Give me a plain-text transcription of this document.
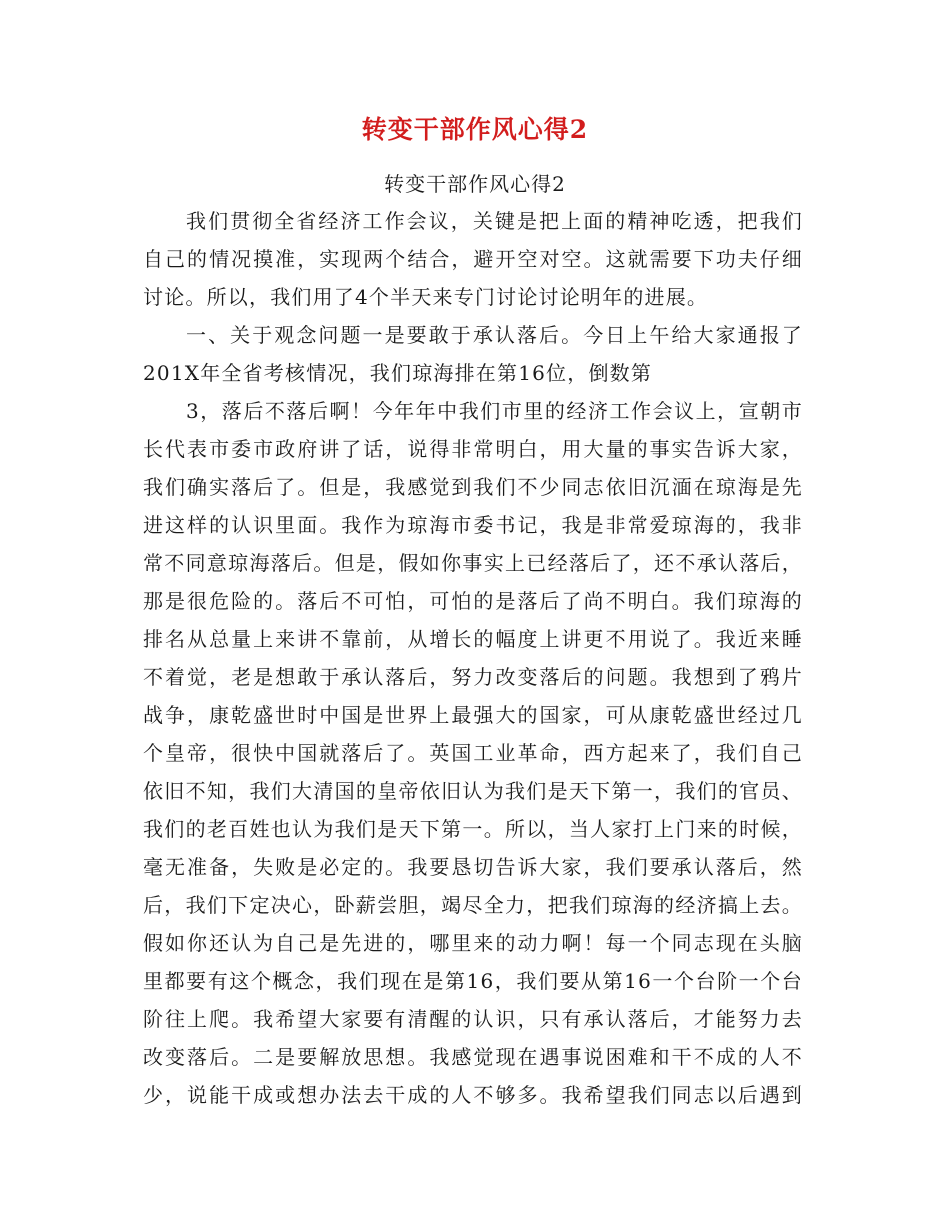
转变干部作风心得2
转变干部作风心得2
我们贯彻全省经济工作会议，关键是把上面的精神吃透，把我们
自己的情况摸准，实现两个结合，避开空对空。这就需要下功夫仔细
讨论。所以，我们用了4个半天来专门讨论讨论明年的进展。
一、关于观念问题一是要敢于承认落后。今日上午给大家通报了
201X年全省考核情况，我们琼海排在第16位，倒数第
3，落后不落后啊！今年年中我们市里的经济工作会议上，宣朝市
长代表市委市政府讲了话，说得非常明白，用大量的事实告诉大家，
我们确实落后了。但是，我感觉到我们不少同志依旧沉湎在琼海是先
进这样的认识里面。我作为琼海市委书记，我是非常爱琼海的，我非
常不同意琼海落后。但是，假如你事实上已经落后了，还不承认落后，
那是很危险的。落后不可怕，可怕的是落后了尚不明白。我们琼海的
排名从总量上来讲不靠前，从增长的幅度上讲更不用说了。我近来睡
不着觉，老是想敢于承认落后，努力改变落后的问题。我想到了鸦片
战争，康乾盛世时中国是世界上最强大的国家，可从康乾盛世经过几
个皇帝，很快中国就落后了。英国工业革命，西方起来了，我们自己
依旧不知，我们大清国的皇帝依旧认为我们是天下第一，我们的官员、
我们的老百姓也认为我们是天下第一。所以，当人家打上门来的时候，
毫无准备，失败是必定的。我要恳切告诉大家，我们要承认落后，然
后，我们下定决心，卧薪尝胆，竭尽全力，把我们琼海的经济搞上去。
假如你还认为自己是先进的，哪里来的动力啊！每一个同志现在头脑
里都要有这个概念，我们现在是第16，我们要从第16一个台阶一个台
阶往上爬。我希望大家要有清醒的认识，只有承认落后，才能努力去
改变落后。二是要解放思想。我感觉现在遇事说困难和干不成的人不
少，说能干成或想办法去干成的人不够多。我希望我们同志以后遇到
